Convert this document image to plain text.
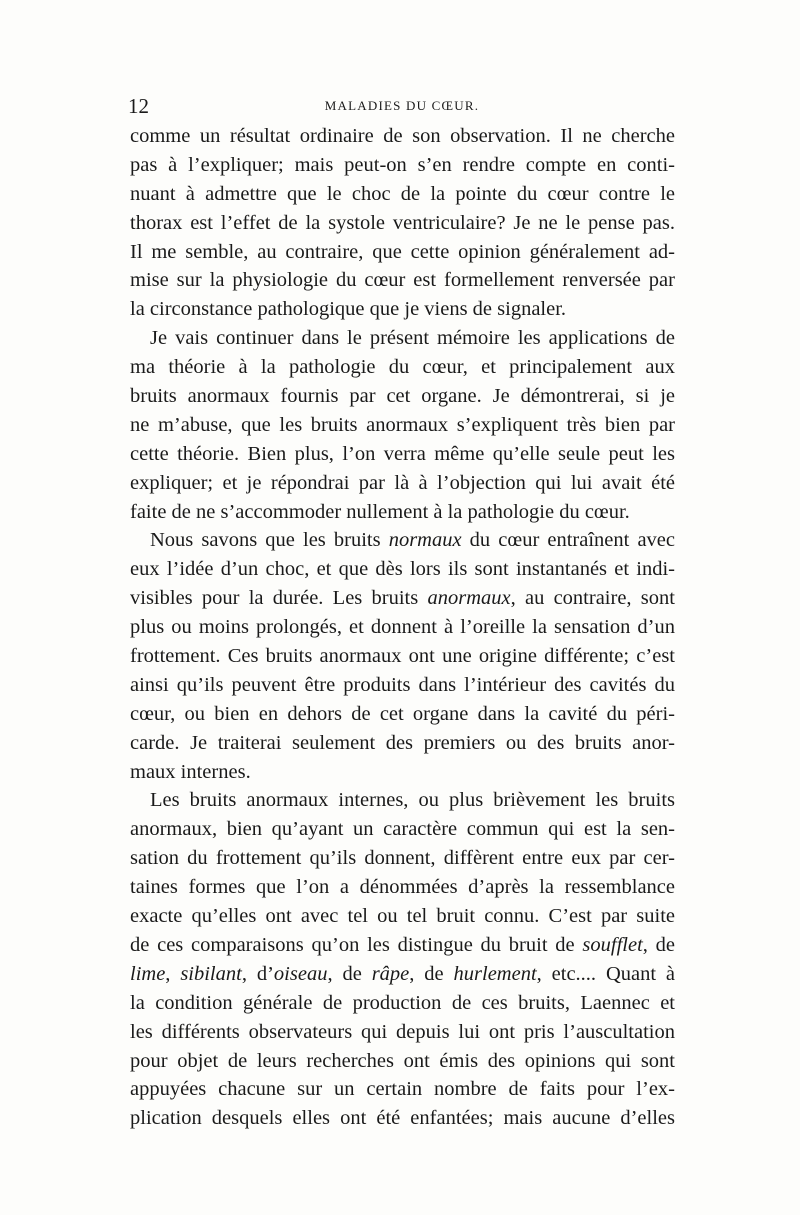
12	MALADIES DU CŒUR.
comme un résultat ordinaire de son observation. Il ne cherche
pas à l’expliquer; mais peut-on s’en rendre compte en conti-
nuant à admettre que le choc de la pointe du cœur contre le
thorax est l’effet de la systole ventriculaire? Je ne le pense pas.
Il me semble, au contraire, que cette opinion généralement ad-
mise sur la physiologie du cœur est formellement renversée par
la circonstance pathologique que je viens de signaler.
Je vais continuer dans le présent mémoire les applications de
ma théorie à la pathologie du cœur, et principalement aux
bruits anormaux fournis par cet organe. Je démontrerai, si je
ne m’abuse, que les bruits anormaux s’expliquent très bien par
cette théorie. Bien plus, l’on verra même qu’elle seule peut les
expliquer; et je répondrai par là à l’objection qui lui avait été
faite de ne s’accommoder nullement à la pathologie du cœur.
Nous savons que les bruits normaux du cœur entraînent avec
eux l’idée d’un choc, et que dès lors ils sont instantanés et indi-
visibles pour la durée. Les bruits anormaux, au contraire, sont
plus ou moins prolongés, et donnent à l’oreille la sensation d’un
frottement. Ces bruits anormaux ont une origine différente; c’est
ainsi qu’ils peuvent être produits dans l’intérieur des cavités du
cœur, ou bien en dehors de cet organe dans la cavité du péri-
carde. Je traiterai seulement des premiers ou des bruits anor-
maux internes.
Les bruits anormaux internes, ou plus brièvement les bruits
anormaux, bien qu’ayant un caractère commun qui est la sen-
sation du frottement qu’ils donnent, diffèrent entre eux par cer-
taines formes que l’on a dénommées d’après la ressemblance
exacte qu’elles ont avec tel ou tel bruit connu. C’est par suite
de ces comparaisons qu’on les distingue du bruit de soufflet, de
lime, sibilant, d’oiseau, de râpe, de hurlement, etc.... Quant à
la condition générale de production de ces bruits, Laennec et
les différents observateurs qui depuis lui ont pris l’auscultation
pour objet de leurs recherches ont émis des opinions qui sont
appuyées chacune sur un certain nombre de faits pour l’ex-
plication desquels elles ont été enfantées; mais aucune d’elles
